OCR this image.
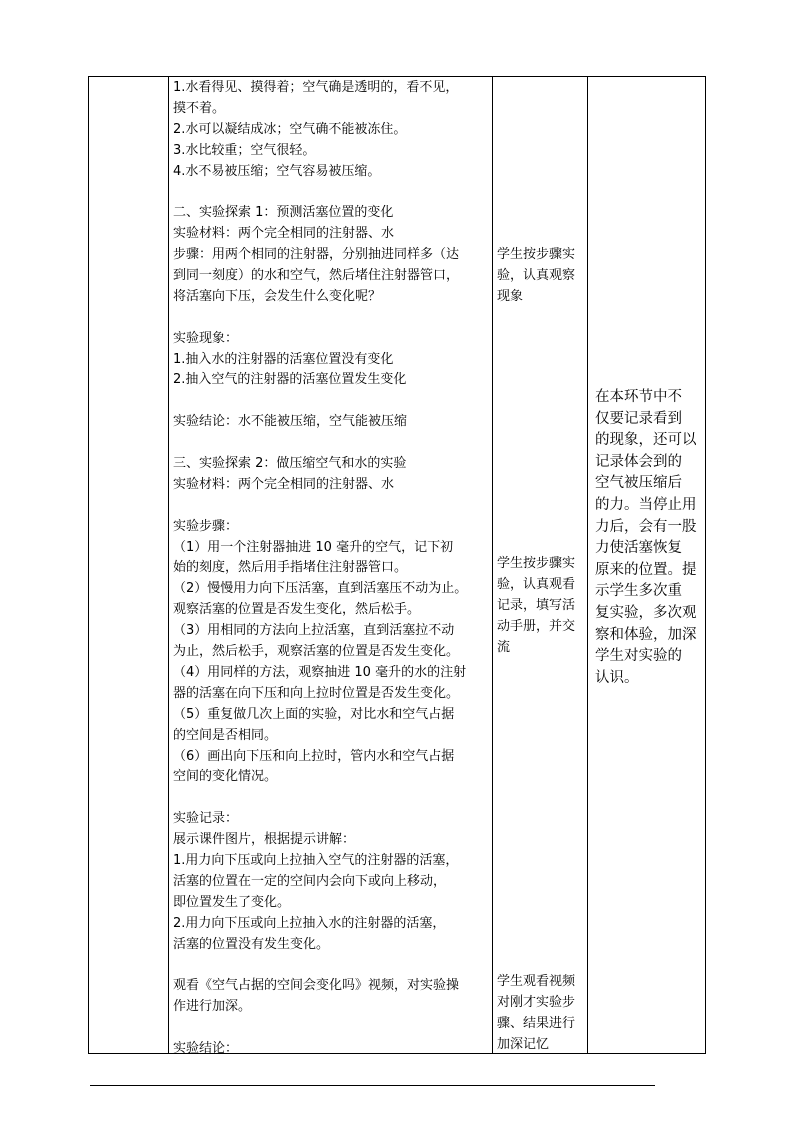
1.水看得见、摸得着；空气确是透明的，看不见，
摸不着。
2.水可以凝结成冰；空气确不能被冻住。
3.水比较重；空气很轻。
4.水不易被压缩；空气容易被压缩。
二、实验探索 1：预测活塞位置的变化
实验材料：两个完全相同的注射器、水
步骤：用两个相同的注射器，分别抽进同样多（达
到同一刻度）的水和空气，然后堵住注射器管口，
将活塞向下压，会发生什么变化呢？
实验现象：
1.抽入水的注射器的活塞位置没有变化
2.抽入空气的注射器的活塞位置发生变化
实验结论：水不能被压缩，空气能被压缩
三、实验探索 2：做压缩空气和水的实验
实验材料：两个完全相同的注射器、水
实验步骤：
（1）用一个注射器抽进 10 毫升的空气，记下初
始的刻度，然后用手指堵住注射器管口。
（2）慢慢用力向下压活塞，直到活塞压不动为止。
观察活塞的位置是否发生变化，然后松手。
（3）用相同的方法向上拉活塞，直到活塞拉不动
为止，然后松手，观察活塞的位置是否发生变化。
（4）用同样的方法，观察抽进 10 毫升的水的注射
器的活塞在向下压和向上拉时位置是否发生变化。
（5）重复做几次上面的实验，对比水和空气占据
的空间是否相同。
（6）画出向下压和向上拉时，管内水和空气占据
空间的变化情况。
实验记录：
展示课件图片，根据提示讲解：
1.用力向下压或向上拉抽入空气的注射器的活塞，
活塞的位置在一定的空间内会向下或向上移动，
即位置发生了变化。
2.用力向下压或向上拉抽入水的注射器的活塞，
活塞的位置没有发生变化。
观看《空气占据的空间会变化吗》视频，对实验操
作进行加深。
实验结论：
学生按步骤实
验，认真观察
现象
学生按步骤实
验，认真观看
记录，填写活
动手册，并交
流
学生观看视频
对刚才实验步
骤、结果进行
加深记忆
在本环节中不
仅要记录看到
的现象，还可以
记录体会到的
空气被压缩后
的力。当停止用
力后，会有一股
力使活塞恢复
原来的位置。提
示学生多次重
复实验，多次观
察和体验，加深
学生对实验的
认识。
